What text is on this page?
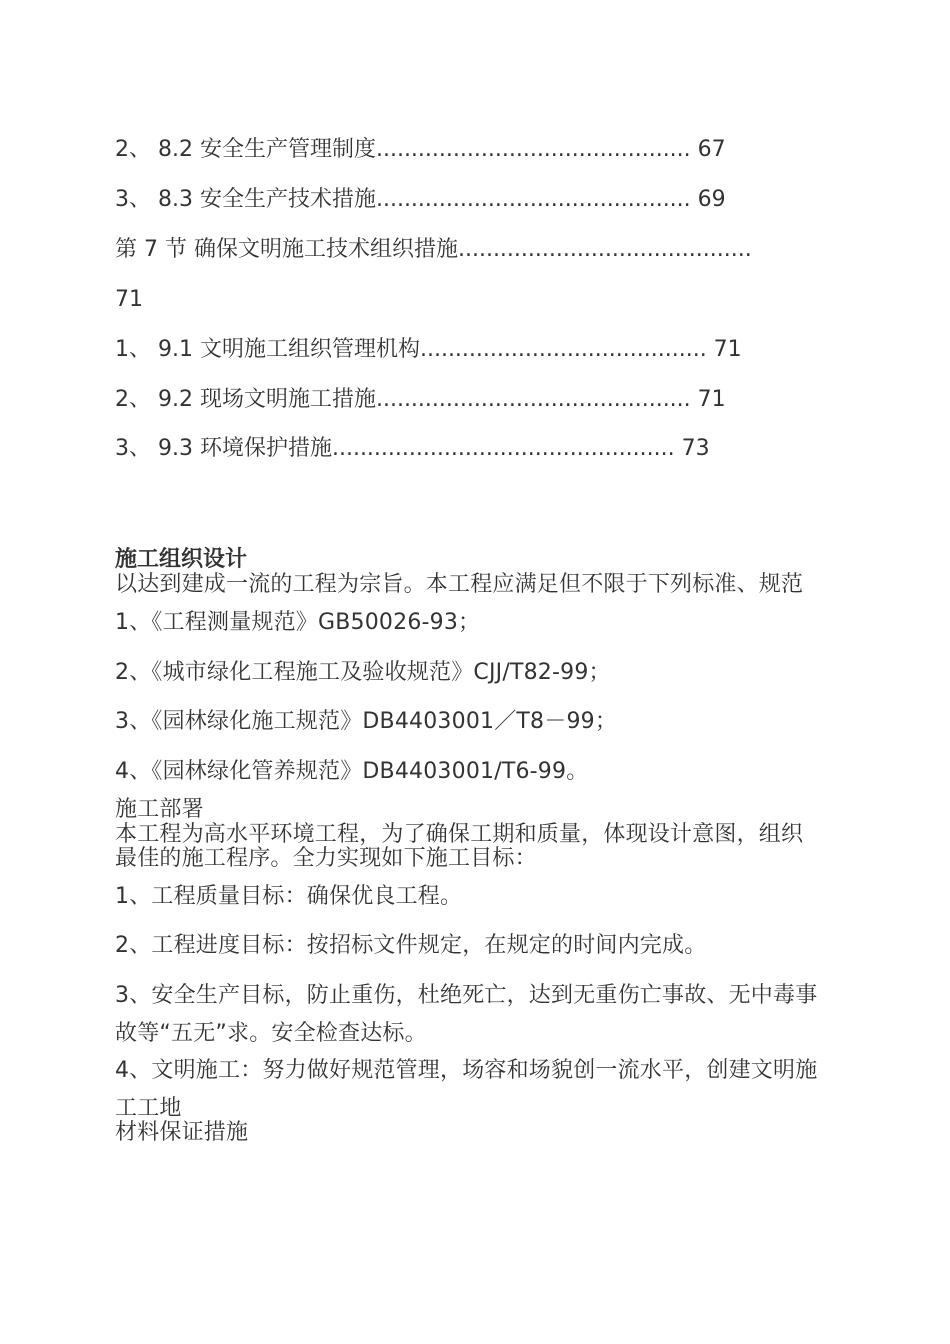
2、 8.2 安全生产管理制度............................................. 67
3、 8.3 安全生产技术措施............................................. 69
第 7 节 确保文明施工技术组织措施..........................................
71
1、 9.1 文明施工组织管理机构......................................... 71
2、 9.2 现场文明施工措施............................................. 71
3、 9.3 环境保护措施................................................. 73
施工组织设计
以达到建成一流的工程为宗旨。本工程应满足但不限于下列标准、规范
1、《工程测量规范》GB50026-93；
2、《城市绿化工程施工及验收规范》CJJ/T82-99；
3、《园林绿化施工规范》DB4403001／T8－99；
4、《园林绿化管养规范》DB4403001/T6-99。
施工部署
本工程为高水平环境工程，为了确保工期和质量，体现设计意图，组织
最佳的施工程序。全力实现如下施工目标：
1、工程质量目标：确保优良工程。
2、工程进度目标：按招标文件规定，在规定的时间内完成。
3、安全生产目标，防止重伤，杜绝死亡，达到无重伤亡事故、无中毒事
故等“五无”求。安全检查达标。
4、文明施工：努力做好规范管理，场容和场貌创一流水平，创建文明施
工工地
材料保证措施
